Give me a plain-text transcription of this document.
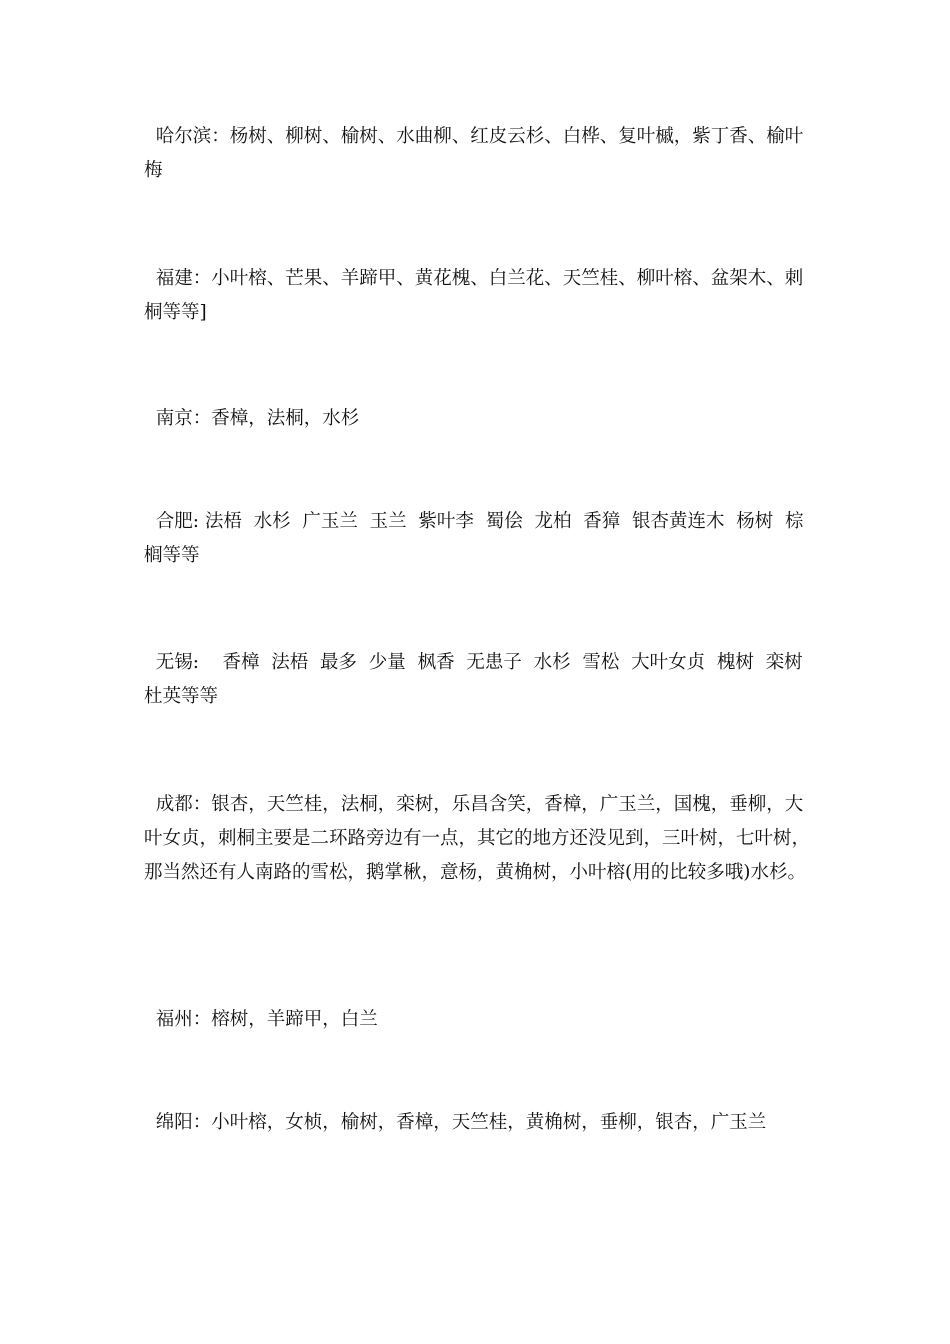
哈尔滨：杨树、柳树、榆树、水曲柳、红皮云杉、白桦、复叶槭，紫丁香、榆叶梅

福建：小叶榕、芒果、羊蹄甲、黄花槐、白兰花、天竺桂、柳叶榕、盆架木、刺桐等等]

南京：香樟，法桐，水杉

合肥: 法梧  水杉  广玉兰  玉兰  紫叶李  蜀侩  龙柏  香獐  银杏黄连木  杨树  棕榈等等

无锡:    香樟  法梧  最多  少量  枫香  无患子  水杉  雪松  大叶女贞  槐树  栾树  杜英等等

成都：银杏，天竺桂，法桐，栾树，乐昌含笑，香樟，广玉兰，国槐，垂柳，大叶女贞，刺桐主要是二环路旁边有一点，其它的地方还没见到，三叶树，七叶树，那当然还有人南路的雪松，鹅掌楸，意杨，黄桷树，小叶榕(用的比较多哦)水杉。

福州：榕树，羊蹄甲，白兰

绵阳：小叶榕，女桢，榆树，香樟，天竺桂，黄桷树，垂柳，银杏，广玉兰
